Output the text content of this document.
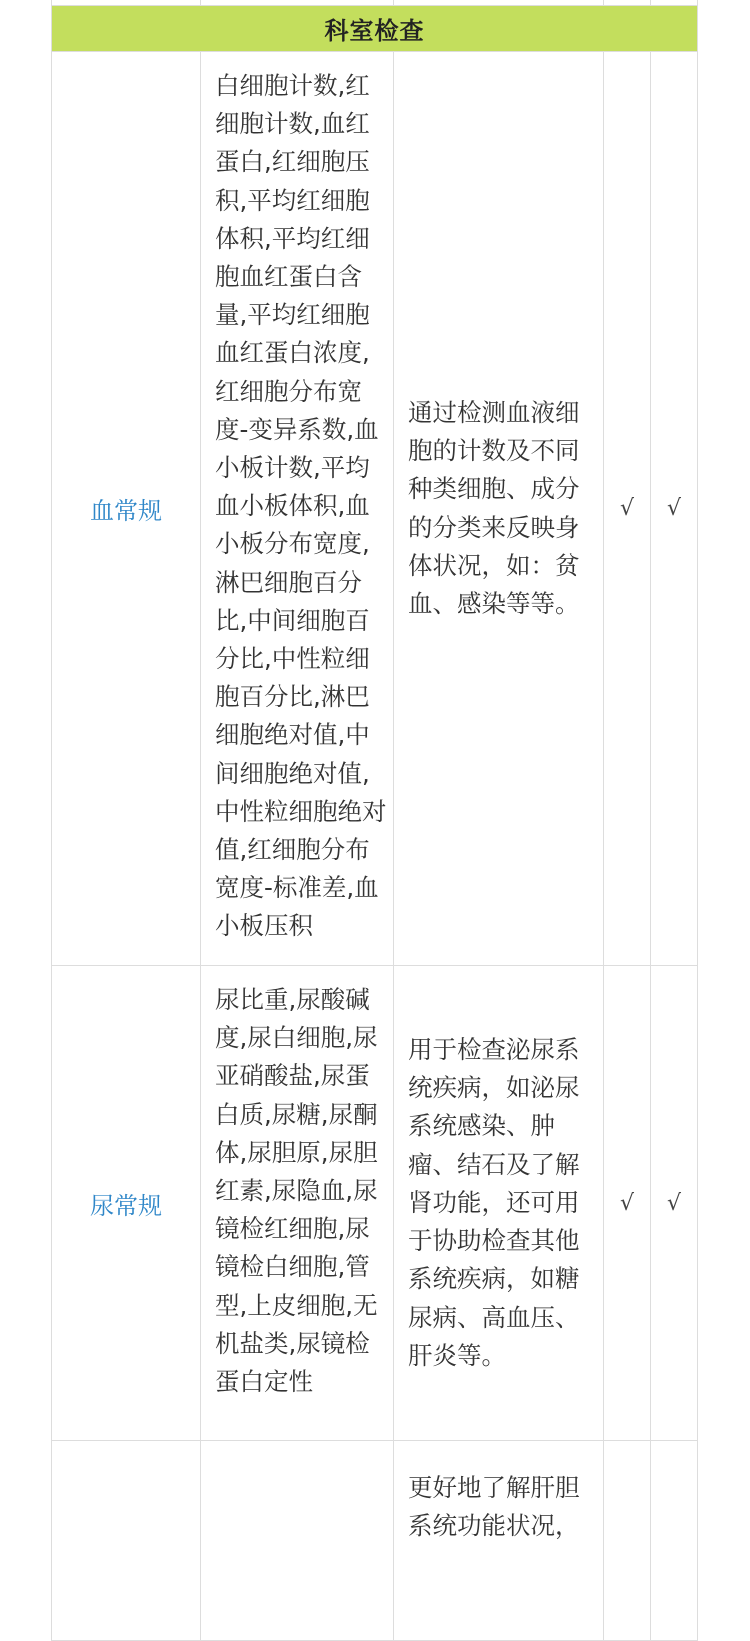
科室检查
血常规
白细胞计数,红细胞计数,血红蛋白,红细胞压积,平均红细胞体积,平均红细胞血红蛋白含量,平均红细胞血红蛋白浓度,红细胞分布宽度-变异系数,血小板计数,平均血小板体积,血小板分布宽度,淋巴细胞百分比,中间细胞百分比,中性粒细胞百分比,淋巴细胞绝对值,中间细胞绝对值,中性粒细胞绝对值,红细胞分布宽度-标准差,血小板压积
通过检测血液细胞的计数及不同种类细胞、成分的分类来反映身体状况，如：贫血、感染等等。
√	√
尿常规
尿比重,尿酸碱度,尿白细胞,尿亚硝酸盐,尿蛋白质,尿糖,尿酮体,尿胆原,尿胆红素,尿隐血,尿镜检红细胞,尿镜检白细胞,管型,上皮细胞,无机盐类,尿镜检蛋白定性
用于检查泌尿系统疾病，如泌尿系统感染、肿瘤、结石及了解肾功能，还可用于协助检查其他系统疾病，如糖尿病、高血压、肝炎等。
√	√
更好地了解肝胆系统功能状况，
